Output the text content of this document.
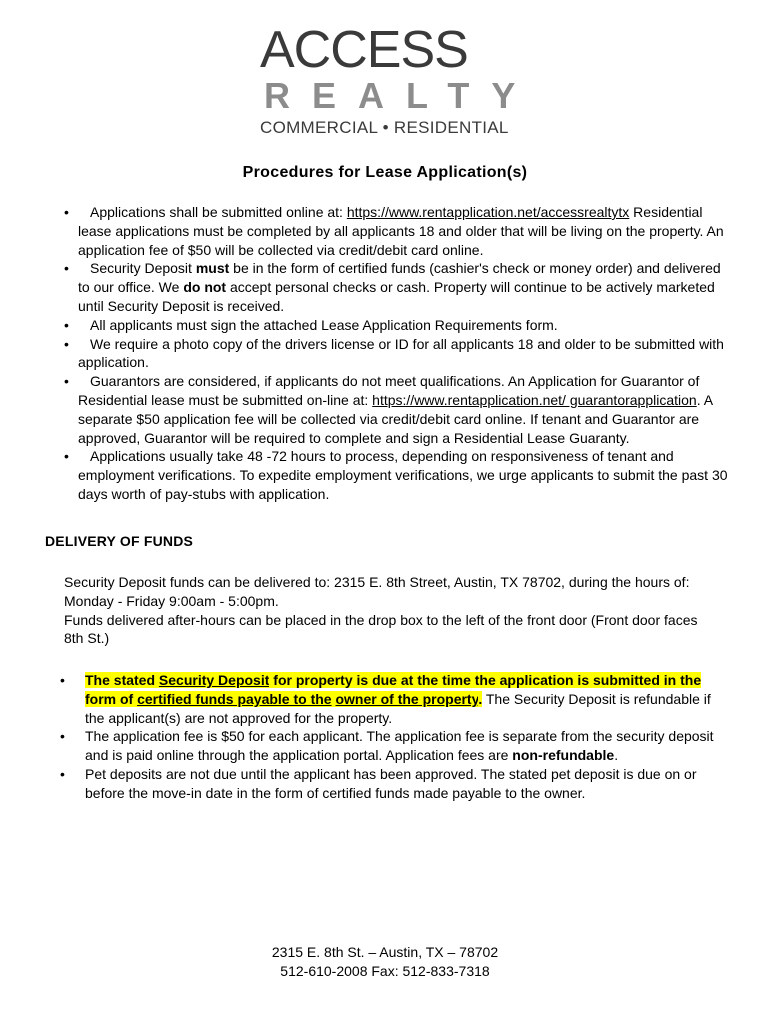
ACCESS
REALTY
COMMERCIAL • RESIDENTIAL
Procedures for Lease Application(s)
• Applications shall be submitted online at: https://www.rentapplication.net/accessrealtytx Residential lease applications must be completed by all applicants 18 and older that will be living on the property. An application fee of $50 will be collected via credit/debit card online.
• Security Deposit must be in the form of certified funds (cashier's check or money order) and delivered to our office. We do not accept personal checks or cash. Property will continue to be actively marketed until Security Deposit is received.
• All applicants must sign the attached Lease Application Requirements form.
• We require a photo copy of the drivers license or ID for all applicants 18 and older to be submitted with application.
• Guarantors are considered, if applicants do not meet qualifications. An Application for Guarantor of Residential lease must be submitted on-line at: https://www.rentapplication.net/ guarantorapplication. A separate $50 application fee will be collected via credit/debit card online. If tenant and Guarantor are approved, Guarantor will be required to complete and sign a Residential Lease Guaranty.
• Applications usually take 48 -72 hours to process, depending on responsiveness of tenant and employment verifications. To expedite employment verifications, we urge applicants to submit the past 30 days worth of pay-stubs with application.
DELIVERY OF FUNDS
Security Deposit funds can be delivered to: 2315 E. 8th Street, Austin, TX 78702, during the hours of: Monday - Friday 9:00am - 5:00pm.
Funds delivered after-hours can be placed in the drop box to the left of the front door (Front door faces 8th St.)
• The stated Security Deposit for property is due at the time the application is submitted in the form of certified funds payable to the owner of the property. The Security Deposit is refundable if the applicant(s) are not approved for the property.
• The application fee is $50 for each applicant. The application fee is separate from the security deposit and is paid online through the application portal. Application fees are non-refundable.
• Pet deposits are not due until the applicant has been approved. The stated pet deposit is due on or before the move-in date in the form of certified funds made payable to the owner.
2315 E. 8th St. – Austin, TX – 78702
512-610-2008 Fax: 512-833-7318
